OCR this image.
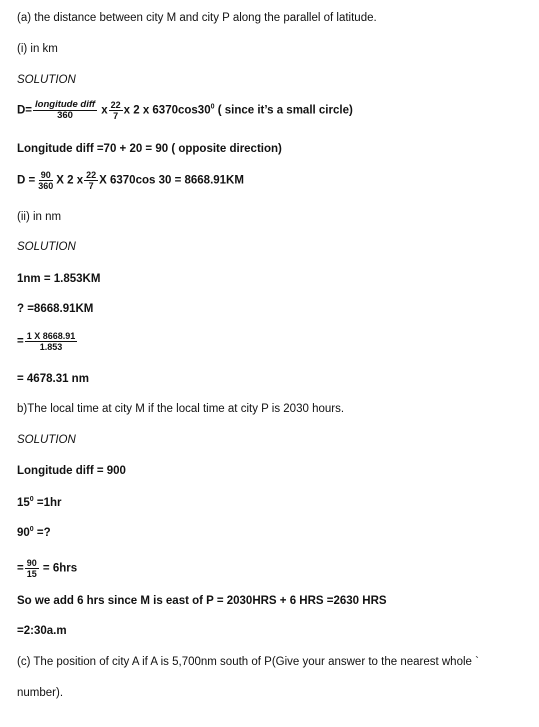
(a) the distance between city M and city P along the parallel of latitude.
(i) in km
SOLUTION
$D= \frac{\text{longitude diff}}{360}$ x $\frac{22}{7}$ x 2 x $6370\cos 30^0$ ( since it’s a small circle)
Longitude diff =70 + 20 = 90 ( opposite direction)
$D = \frac{90}{360}$ X 2 x $\frac{22}{7}$ X 6370cos 30 = 8668.91KM
(ii) in nm
SOLUTION
1nm = 1.853KM
? =8668.91KM
= $\frac{1 X 8668.91}{1.853}$
= 4678.31 nm
b)The local time at city M if the local time at city P is 2030 hours.
SOLUTION
Longitude diff = 900
$15^0 =1hr$
$90^0$ =?
= $\frac{90}{15} = 6hrs$
So we add 6 hrs since M is east of P = 2030HRS + 6 HRS =2630 HRS
=2:30a.m
(c) The position of city A if A is 5,700nm south of P(Give your answer to the nearest whole `
number).
